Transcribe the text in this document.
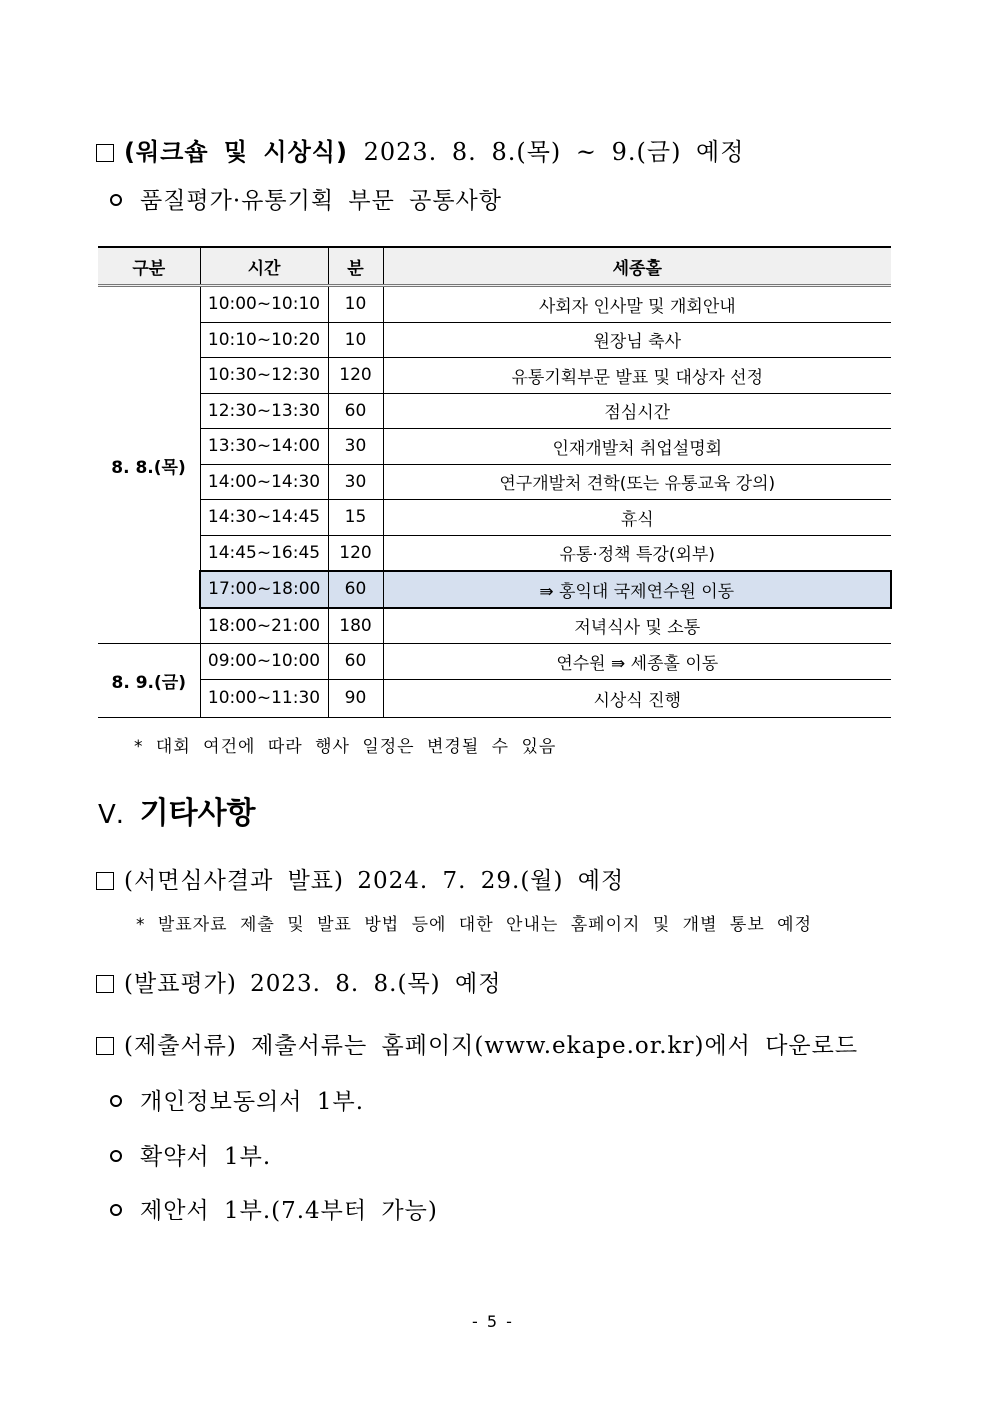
(워크숍 및 시상식) 2023. 8. 8.(목) ~ 9.(금) 예정
품질평가·유통기획 부문 공통사항
구분	시간	분	세종홀
8. 8.(목)	10:00~10:10	10	사회자 인사말 및 개회안내
	10:10~10:20	10	원장님 축사
	10:30~12:30	120	유통기획부문 발표 및 대상자 선정
	12:30~13:30	60	점심시간
	13:30~14:00	30	인재개발처 취업설명회
	14:00~14:30	30	연구개발처 견학(또는 유통교육 강의)
	14:30~14:45	15	휴식
	14:45~16:45	120	유통·정책 특강(외부)
	17:00~18:00	60	⇛ 홍익대 국제연수원 이동
	18:00~21:00	180	저녁식사 및 소통
8. 9.(금)	09:00~10:00	60	연수원 ⇛ 세종홀 이동
	10:00~11:30	90	시상식 진행
* 대회 여건에 따라 행사 일정은 변경될 수 있음
Ⅴ. 기타사항
(서면심사결과 발표) 2024. 7. 29.(월) 예정
* 발표자료 제출 및 발표 방법 등에 대한 안내는 홈페이지 및 개별 통보 예정
(발표평가) 2023. 8. 8.(목) 예정
(제출서류) 제출서류는 홈페이지(www.ekape.or.kr)에서 다운로드
개인정보동의서 1부.
확약서 1부.
제안서 1부.(7.4부터 가능)
- 5 -
